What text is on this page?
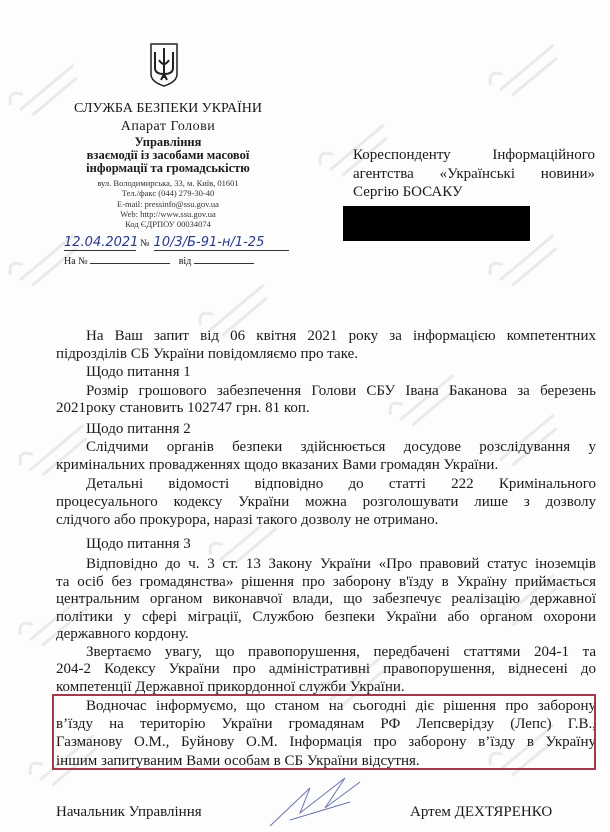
СЛУЖБА БЕЗПЕКИ УКРАЇНИ
Апарат Голови
Управління
взаємодії із засобами масової
інформації та громадськістю
вул. Володимирська, 33, м. Київ, 01601
Тел./факс (044) 279-30-40
E-mail: pressinfo@ssu.gov.ua
Web: http://www.ssu.gov.ua
Код ЄДРПОУ 00034074
12.04.2021 № 10/3/Б-91-н/1-25
На №	від
Кореспонденту Інформаційного
агентства «Українські новини»
Сергію БОСАКУ
На Ваш запит від 06 квітня 2021 року за інформацією компетентних
підрозділів СБ України повідомляємо про таке.
Щодо питання 1
Розмір грошового забезпечення Голови СБУ Івана Баканова за березень
2021року становить 102747 грн. 81 коп.
Щодо питання 2
Слідчими органів безпеки здійснюється досудове розслідування у
кримінальних провадженнях щодо вказаних Вами громадян України.
Детальні відомості відповідно до статті 222 Кримінального
процесуального кодексу України можна розголошувати лише з дозволу
слідчого або прокурора, наразі такого дозволу не отримано.
Щодо питання 3
Відповідно до ч. 3 ст. 13 Закону України «Про правовий статус іноземців
та осіб без громадянства» рішення про заборону в'їзду в Україну приймається
центральним органом виконавчої влади, що забезпечує реалізацію державної
політики у сфері міграції, Службою безпеки України або органом охорони
державного кордону.
Звертаємо увагу, що правопорушення, передбачені статтями 204-1 та
204-2 Кодексу України про адміністративні правопорушення, віднесені до
компетенції Державної прикордонної служби України.
Водночас інформуємо, що станом на сьогодні діє рішення про заборону
в’їзду на територію України громадянам РФ Лепсверідзу (Лепс) Г.В.,
Газманову О.М., Буйнову О.М. Інформація про заборону в’їзду в Україну
іншим запитуваним Вами особам в СБ України відсутня.
Начальник Управління	Артем ДЕХТЯРЕНКО
